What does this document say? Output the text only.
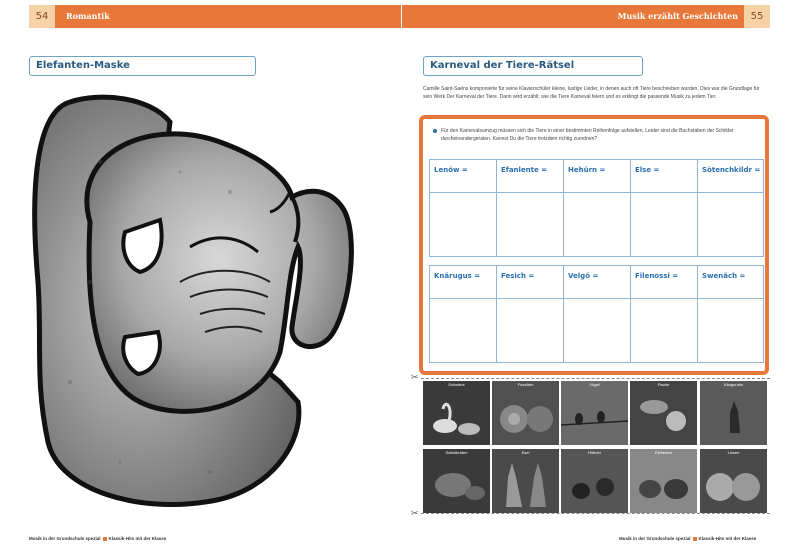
54	55
Romantik	Musik erzählt Geschichten
Elefanten-Maske	Karneval der Tiere-Rätsel
Camille Saint-Saëns komponierte für seine Klavierschüler kleine, lustige Lieder, in denen auch oft Tiere beschrieben wurden. Dies war die Grundlage für sein Werk Der Karneval der Tiere. Darin wird erzählt, wie die Tiere Karneval feiern und es erklingt die passende Musik zu jedem Tier.
Für den Karnevalsumzug müssen sich die Tiere in einer bestimmten Reihenfolge aufstellen. Leider sind die Buchstaben der Schilder durcheinandergeraten. Kannst Du die Tiere trotzdem richtig zuordnen?
Lenöw =	Efanlente =	Hehürn =	Else =	Sötenchkildr =
Knärugus =	Fesich =	Velgö =	Filenossi =	Swenäch =
✂
✂
Schwäne	Fossilien	Vögel	Fische	Känguruhs
Schildkröten	Esel	Hühner	Elefanten	Löwen
Musik in der Grundschule spezial Klassik-Hits mit der Klasse	Musik in der Grundschule spezial Klassik-Hits mit der Klasse
